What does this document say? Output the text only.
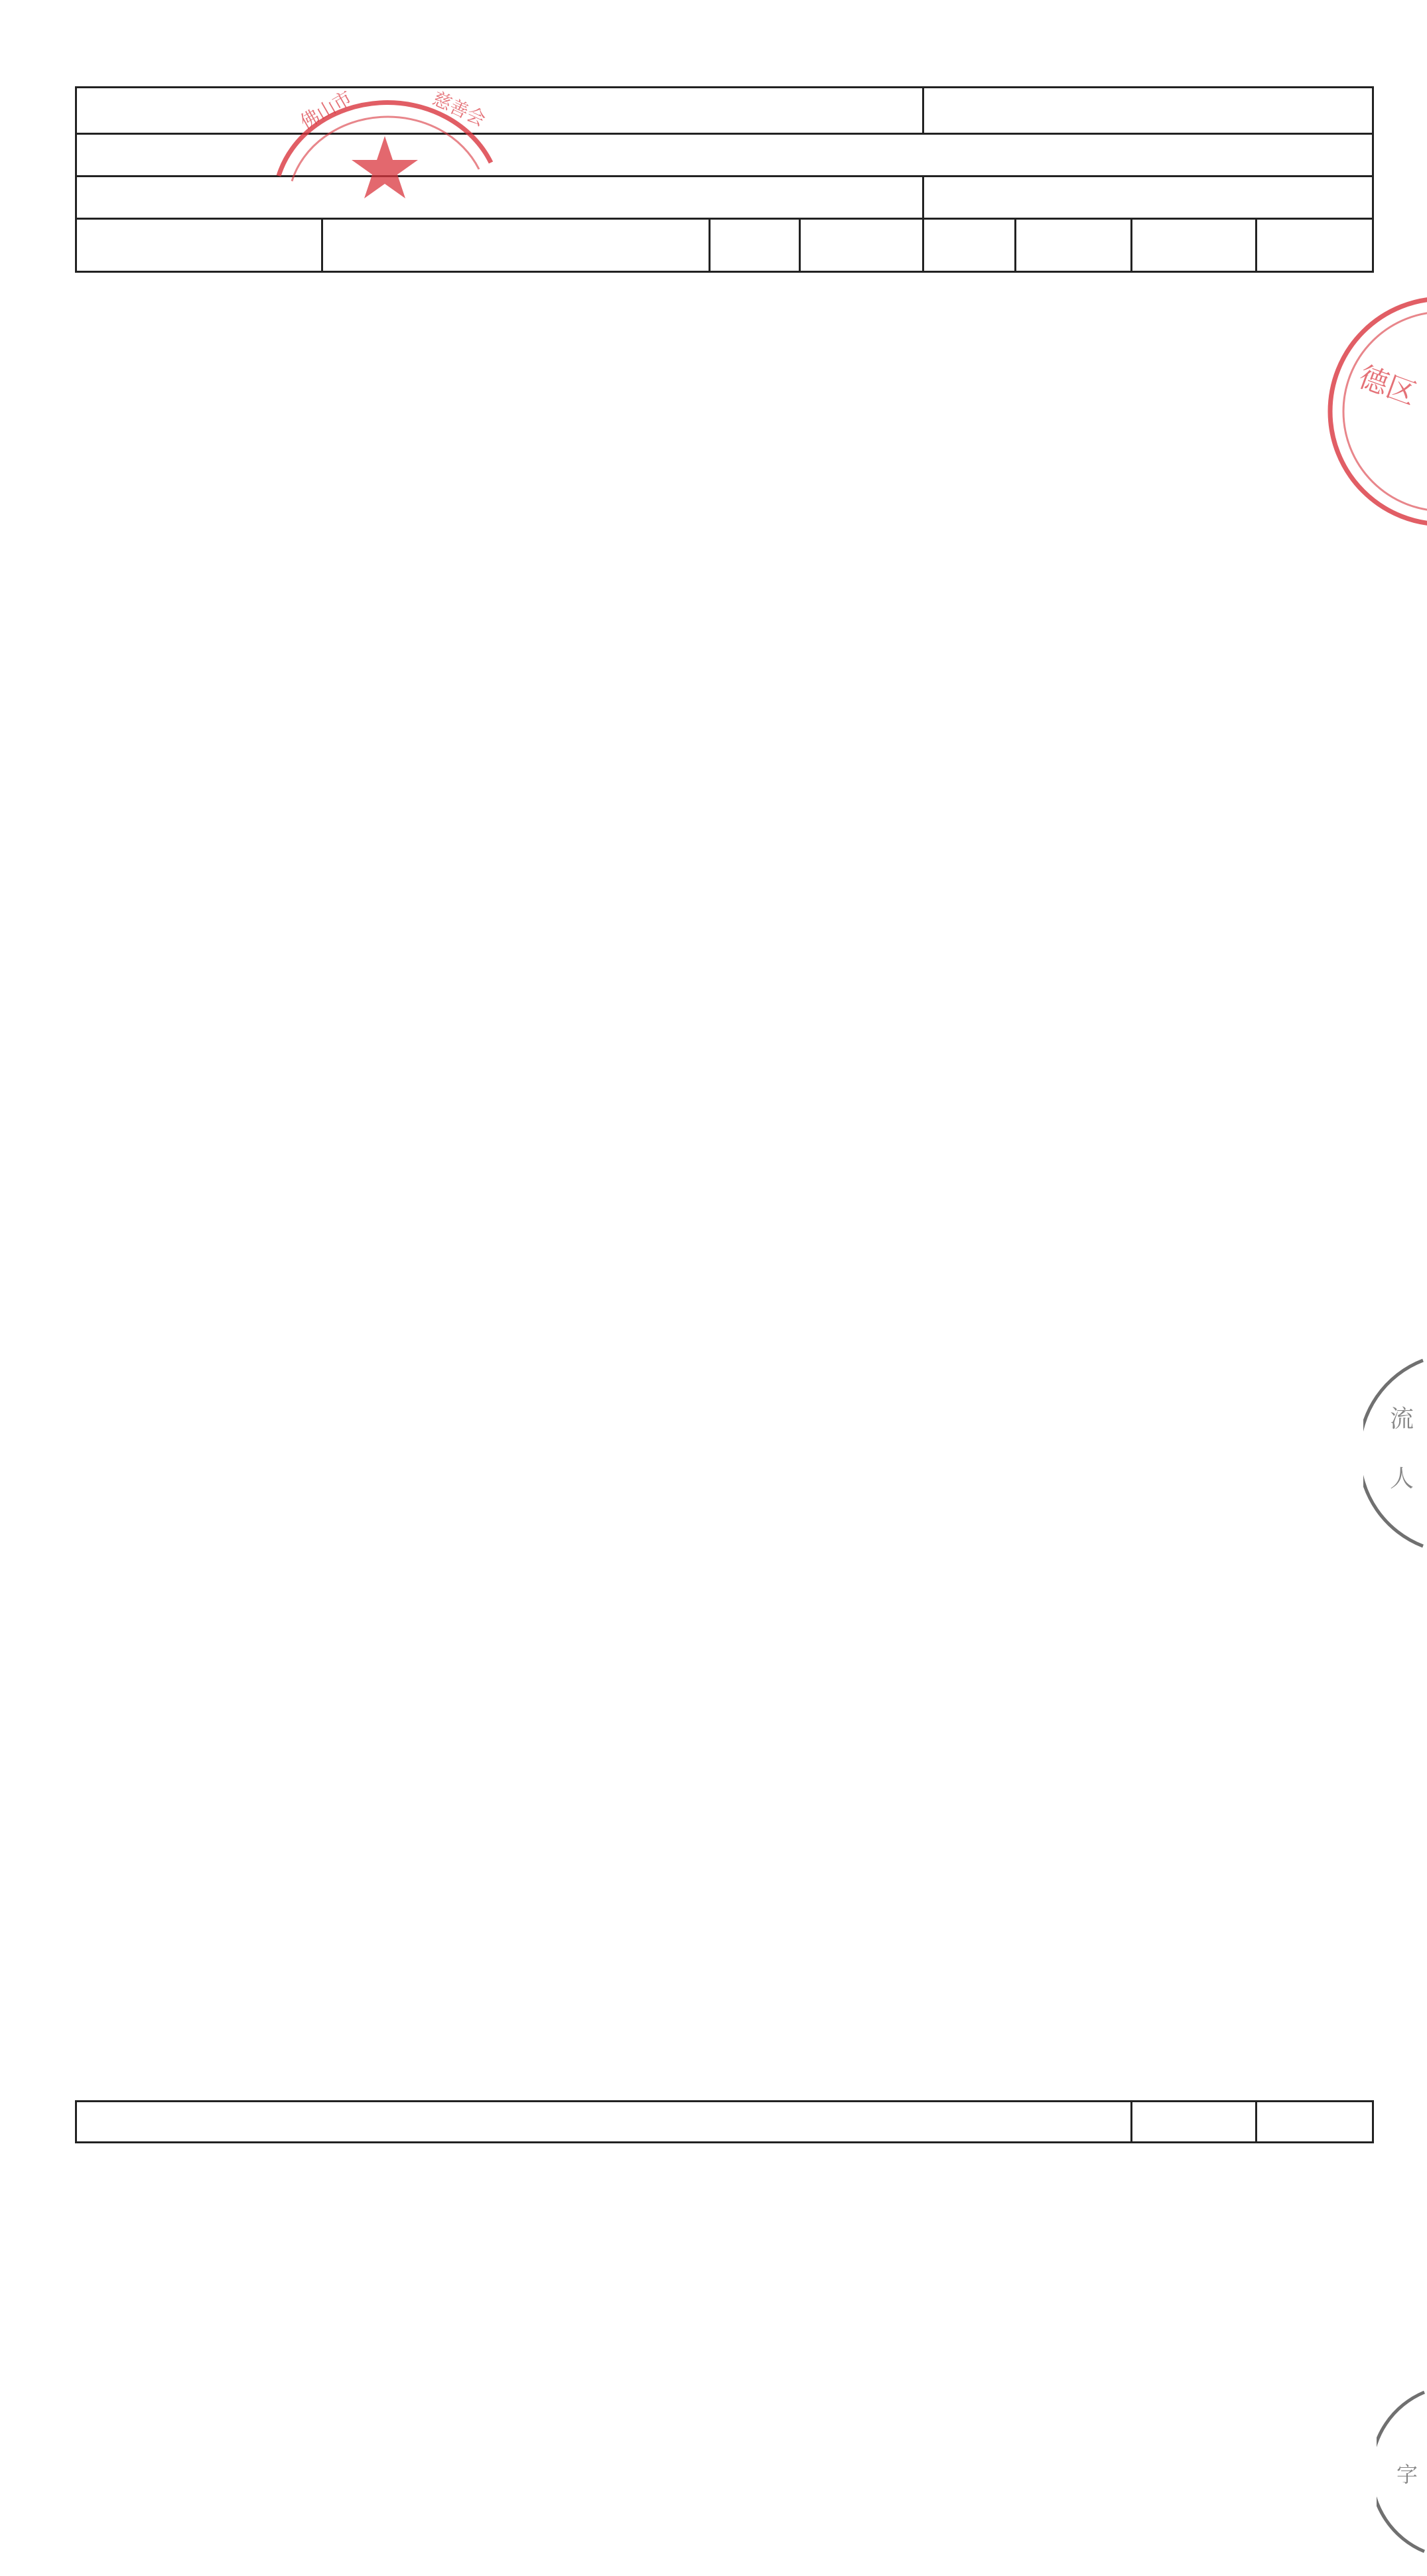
佛山市	慈善会
德区
流
人
字
